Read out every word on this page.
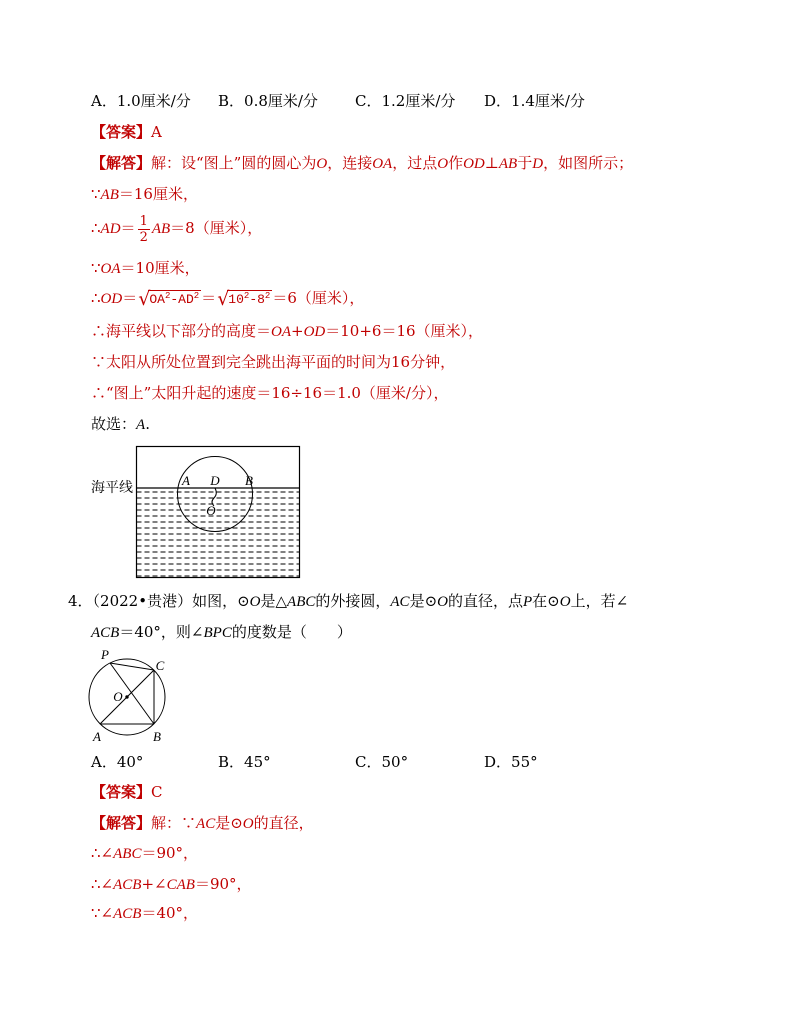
A．1.0厘米/分 B．0.8厘米/分 C．1.2厘米/分 D．1.4厘米/分
【答案】A
【解答】解：设“图上”圆的圆心为O，连接OA，过点O作OD⊥AB于D，如图所示；
∵AB＝16厘米，
∴AD＝ $\frac{1}{2} AB=8$（厘米），
∵OA＝10厘米，
$\therefore OD=√OA^2-AD^2 =√10^2-8^2 =6$（厘米），
∴海平线以下部分的高度＝OA+OD＝10+6＝16（厘米），
∵太阳从所处位置到完全跳出海平面的时间为16分钟，
∴“图上”太阳升起的速度＝16÷16＝1.0（厘米/分），
故选：A.
海平线	A D B
O
4．（2022•贵港）如图，⊙O是△ABC的外接圆，AC是⊙O的直径，点P在⊙O上，若∠
ACB＝40°，则∠BPC的度数是（　　）
P
C
O
A	B
A．40°	B．45°	C．50°	D．55°
【答案】C
【解答】解：∵AC是⊙O的直径，
∴∠ABC＝90°，
∴∠ACB+∠CAB＝90°，
∵∠ACB＝40°，
